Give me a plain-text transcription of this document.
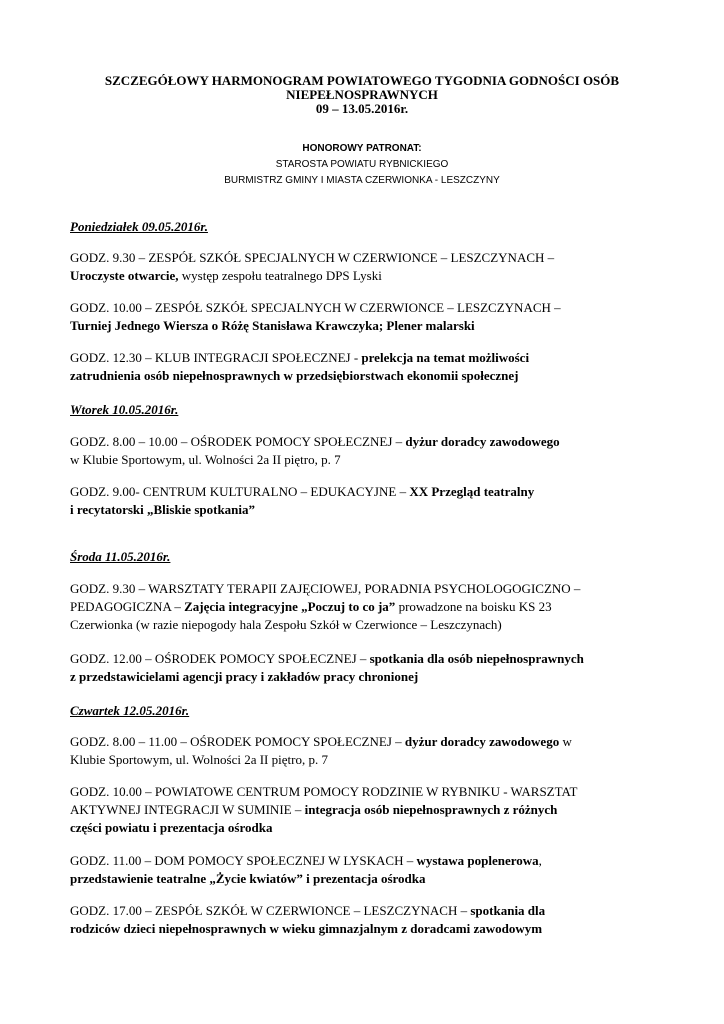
SZCZEGÓŁOWY HARMONOGRAM POWIATOWEGO TYGODNIA GODNOŚCI OSÓB

NIEPEŁNOSPRAWNYCH

09 – 13.05.2016r.

HONOROWY PATRONAT:
STAROSTA POWIATU RYBNICKIEGO
BURMISTRZ GMINY I MIASTA CZERWIONKA - LESZCZYNY
Poniedziałek 09.05.2016r.
GODZ. 9.30 – ZESPÓŁ SZKÓŁ SPECJALNYCH W CZERWIONCE – LESZCZYNACH –
Uroczyste otwarcie, występ zespołu teatralnego DPS Lyski
GODZ. 10.00 – ZESPÓŁ SZKÓŁ SPECJALNYCH W CZERWIONCE – LESZCZYNACH –
Turniej Jednego Wiersza o Różę Stanisława Krawczyka; Plener malarski
GODZ. 12.30 – KLUB INTEGRACJI SPOŁECZNEJ - prelekcja na temat możliwości
zatrudnienia osób niepełnosprawnych w przedsiębiorstwach ekonomii społecznej
Wtorek 10.05.2016r.
GODZ. 8.00 – 10.00 – OŚRODEK POMOCY SPOŁECZNEJ – dyżur doradcy zawodowego
w Klubie Sportowym, ul. Wolności 2a II piętro, p. 7
GODZ. 9.00- CENTRUM KULTURALNO – EDUKACYJNE – XX Przegląd teatralny
i recytatorski „Bliskie spotkania”
Środa 11.05.2016r.
GODZ. 9.30 – WARSZTATY TERAPII ZAJĘCIOWEJ, PORADNIA PSYCHOLOGOGICZNO –
PEDAGOGICZNA – Zajęcia integracyjne „Poczuj to co ja” prowadzone na boisku KS 23
Czerwionka (w razie niepogody hala Zespołu Szkół w Czerwionce – Leszczynach)
GODZ. 12.00 – OŚRODEK POMOCY SPOŁECZNEJ – spotkania dla osób niepełnosprawnych
z przedstawicielami agencji pracy i zakładów pracy chronionej
Czwartek 12.05.2016r.
GODZ. 8.00 – 11.00 – OŚRODEK POMOCY SPOŁECZNEJ – dyżur doradcy zawodowego w
Klubie Sportowym, ul. Wolności 2a II piętro, p. 7
GODZ. 10.00 – POWIATOWE CENTRUM POMOCY RODZINIE W RYBNIKU - WARSZTAT
AKTYWNEJ INTEGRACJI W SUMINIE – integracja osób niepełnosprawnych z różnych
części powiatu i prezentacja ośrodka
GODZ. 11.00 – DOM POMOCY SPOŁECZNEJ W LYSKACH – wystawa poplenerowa,
przedstawienie teatralne „Życie kwiatów” i prezentacja ośrodka
GODZ. 17.00 – ZESPÓŁ SZKÓŁ W CZERWIONCE – LESZCZYNACH – spotkania dla
rodziców dzieci niepełnosprawnych w wieku gimnazjalnym z doradcami zawodowym
